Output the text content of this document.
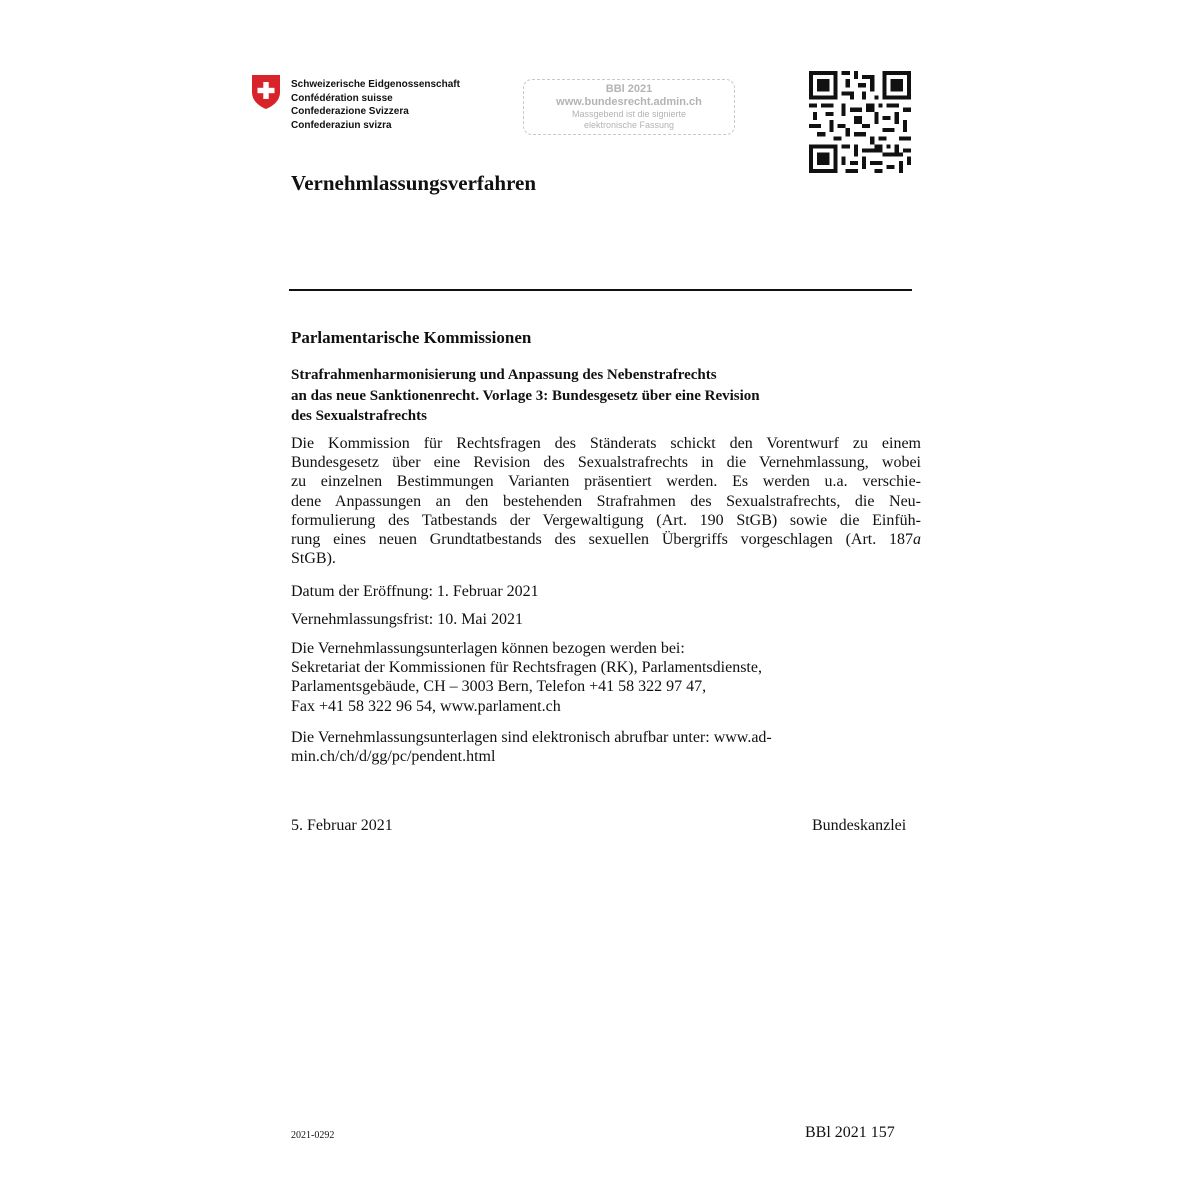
Schweizerische Eidgenossenschaft
Confédération suisse
Confederazione Svizzera
Confederaziun svizra
BBl 2021
www.bundesrecht.admin.ch
Massgebend ist die signierte
elektronische Fassung
Vernehmlassungsverfahren
Parlamentarische Kommissionen
Strafrahmenharmonisierung und Anpassung des Nebenstrafrechts
an das neue Sanktionenrecht. Vorlage 3: Bundesgesetz über eine Revision
des Sexualstrafrechts
Die Kommission für Rechtsfragen des Ständerats schickt den Vorentwurf zu einem
Bundesgesetz über eine Revision des Sexualstrafrechts in die Vernehmlassung, wobei
zu einzelnen Bestimmungen Varianten präsentiert werden. Es werden u.a. verschie-
dene Anpassungen an den bestehenden Strafrahmen des Sexualstrafrechts, die Neu-
formulierung des Tatbestands der Vergewaltigung (Art. 190 StGB) sowie die Einfüh-
rung eines neuen Grundtatbestands des sexuellen Übergriffs vorgeschlagen (Art. 187a
StGB).
Datum der Eröffnung: 1. Februar 2021
Vernehmlassungsfrist: 10. Mai 2021
Die Vernehmlassungsunterlagen können bezogen werden bei:
Sekretariat der Kommissionen für Rechtsfragen (RK), Parlamentsdienste,
Parlamentsgebäude, CH – 3003 Bern, Telefon +41 58 322 97 47,
Fax +41 58 322 96 54, www.parlament.ch
Die Vernehmlassungsunterlagen sind elektronisch abrufbar unter: www.ad-
min.ch/ch/d/gg/pc/pendent.html
5. Februar 2021	Bundeskanzlei
2021-0292	BBl 2021 157
